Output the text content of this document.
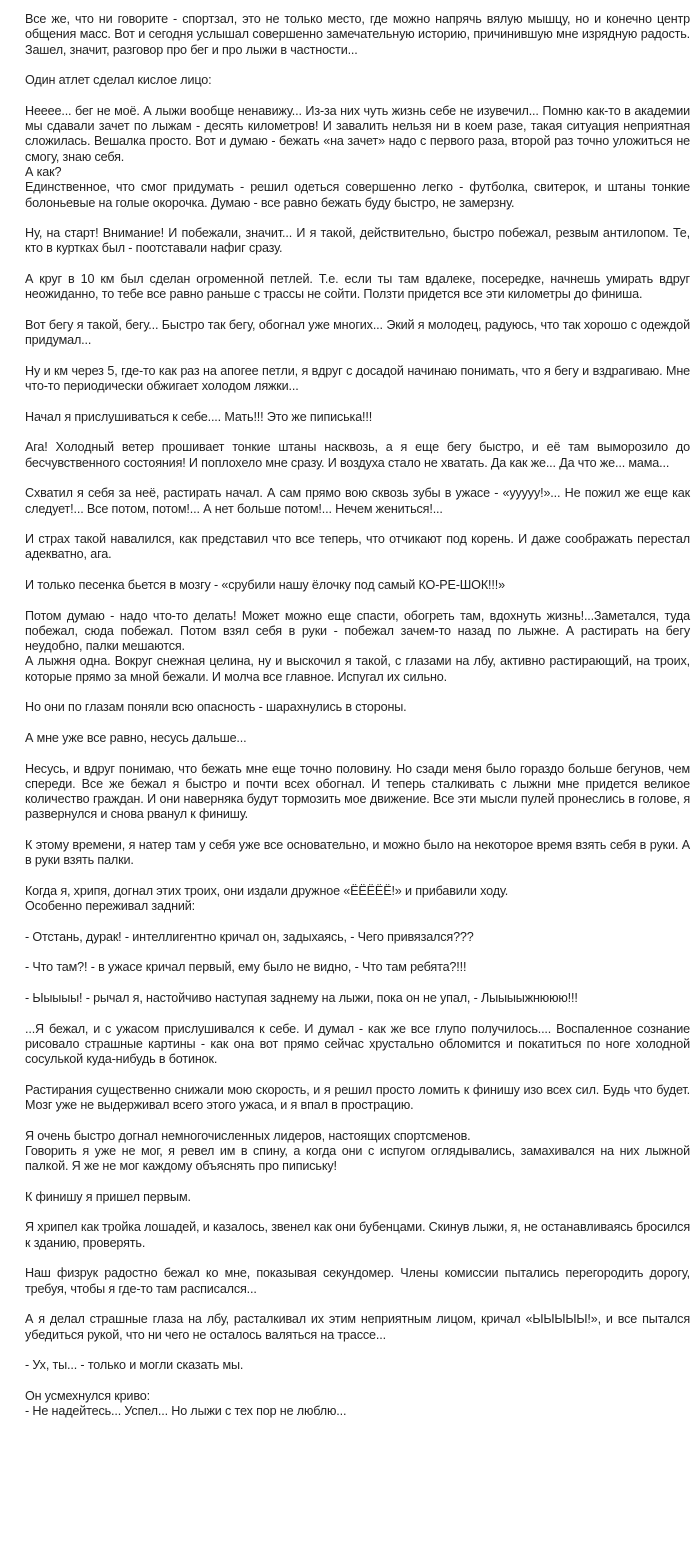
Все же, что ни говорите - спортзал, это не только место, где можно напрячь вялую мышцу, но и конечно центр общения масс. Вот и сегодня услышал совершенно замечательную историю, причинившую мне изрядную радость. Зашел, значит, разговор про бег и про лыжи в частности...
Один атлет сделал кислое лицо:
Нееее... бег не моё. А лыжи вообще ненавижу... Из-за них чуть жизнь себе не изувечил... Помню как-то в академии мы сдавали зачет по лыжам - десять километров! И завалить нельзя ни в коем разе, такая ситуация неприятная сложилась. Вешалка просто. Вот и думаю - бежать «на зачет» надо с первого раза, второй раз точно уложиться не смогу, знаю себя.
А как?
Единственное, что смог придумать - решил одеться совершенно легко - футболка, свитерок, и штаны тонкие болоньевые на голые окорочка. Думаю - все равно бежать буду быстро, не замерзну.
Ну, на старт! Внимание! И побежали, значит... И я такой, действительно, быстро побежал, резвым антилопом. Те, кто в куртках был - поотставали нафиг сразу.
А круг в 10 км был сделан огроменной петлей. Т.е. если ты там вдалеке, посередке, начнешь умирать вдруг неожиданно, то тебе все равно раньше с трассы не сойти. Ползти придется все эти километры до финиша.
Вот бегу я такой, бегу... Быстро так бегу, обогнал уже многих... Экий я молодец, радуюсь, что так хорошо с одеждой придумал...
Ну и км через 5, где-то как раз на апогее петли, я вдруг с досадой начинаю понимать, что я бегу и вздрагиваю. Мне что-то периодически обжигает холодом ляжки...
Начал я прислушиваться к себе.... Мать!!! Это же пиписька!!!
Ага! Холодный ветер прошивает тонкие штаны насквозь, а я еще бегу быстро, и её там выморозило до бесчувственного состояния! И поплохело мне сразу. И воздуха стало не хватать. Да как же... Да что же... мама...
Схватил я себя за неё, растирать начал. А сам прямо вою сквозь зубы в ужасе - «ууууу!»... Не пожил же еще как следует!... Все потом, потом!... А нет больше потом!... Нечем жениться!...
И страх такой навалился, как представил что все теперь, что отчикают под корень. И даже соображать перестал адекватно, ага.
И только песенка бьется в мозгу - «срубили нашу ёлочку под самый КО-РЕ-ШОК!!!»
Потом думаю - надо что-то делать! Может можно еще спасти, обогреть там, вдохнуть жизнь!...Заметался, туда побежал, сюда побежал. Потом взял себя в руки - побежал зачем-то назад по лыжне. А растирать на бегу неудобно, палки мешаются.
А лыжня одна. Вокруг снежная целина, ну и выскочил я такой, с глазами на лбу, активно растирающий, на троих, которые прямо за мной бежали. И молча все главное. Испугал их сильно.
Но они по глазам поняли всю опасность - шарахнулись в стороны.
А мне уже все равно, несусь дальше...
Несусь, и вдруг понимаю, что бежать мне еще точно половину. Но сзади меня было гораздо больше бегунов, чем спереди. Все же бежал я быстро и почти всех обогнал. И теперь сталкивать с лыжни мне придется великое количество граждан. И они наверняка будут тормозить мое движение. Все эти мысли пулей пронеслись в голове, я развернулся и снова рванул к финишу.
К этому времени, я натер там у себя уже все основательно, и можно было на некоторое время взять себя в руки. А в руки взять палки.
Когда я, хрипя, догнал этих троих, они издали дружное «ЁЁЁЁЁ!» и прибавили ходу.
Особенно переживал задний:
- Отстань, дурак! - интеллигентно кричал он, задыхаясь, - Чего привязался???
- Что там?! - в ужасе кричал первый, ему было не видно, - Что там ребята?!!!
- Ыыыыы! - рычал я, настойчиво наступая заднему на лыжи, пока он не упал, - Лыыыыжнююю!!!
...Я бежал, и с ужасом прислушивался к себе. И думал - как же все глупо получилось.... Воспаленное сознание рисовало страшные картины - как она вот прямо сейчас хрустально обломится и покатиться по ноге холодной сосулькой куда-нибудь в ботинок.
Растирания существенно снижали мою скорость, и я решил просто ломить к финишу изо всех сил. Будь что будет. Мозг уже не выдерживал всего этого ужаса, и я впал в прострацию.
Я очень быстро догнал немногочисленных лидеров, настоящих спортсменов.
Говорить я уже не мог, я ревел им в спину, а когда они с испугом оглядывались, замахивался на них лыжной палкой. Я же не мог каждому объяснять про пипиську!
К финишу я пришел первым.
Я хрипел как тройка лошадей, и казалось, звенел как они бубенцами. Скинув лыжи, я, не останавливаясь бросился к зданию, проверять.
Наш физрук радостно бежал ко мне, показывая секундомер. Члены комиссии пытались перегородить дорогу, требуя, чтобы я где-то там расписался...
А я делал страшные глаза на лбу, расталкивал их этим неприятным лицом, кричал «ЫЫЫЫЫ!», и все пытался убедиться рукой, что ни чего не осталось валяться на трассе...
- Ух, ты... - только и могли сказать мы.
Он усмехнулся криво:
- Не надейтесь... Успел... Но лыжи с тех пор не люблю...
